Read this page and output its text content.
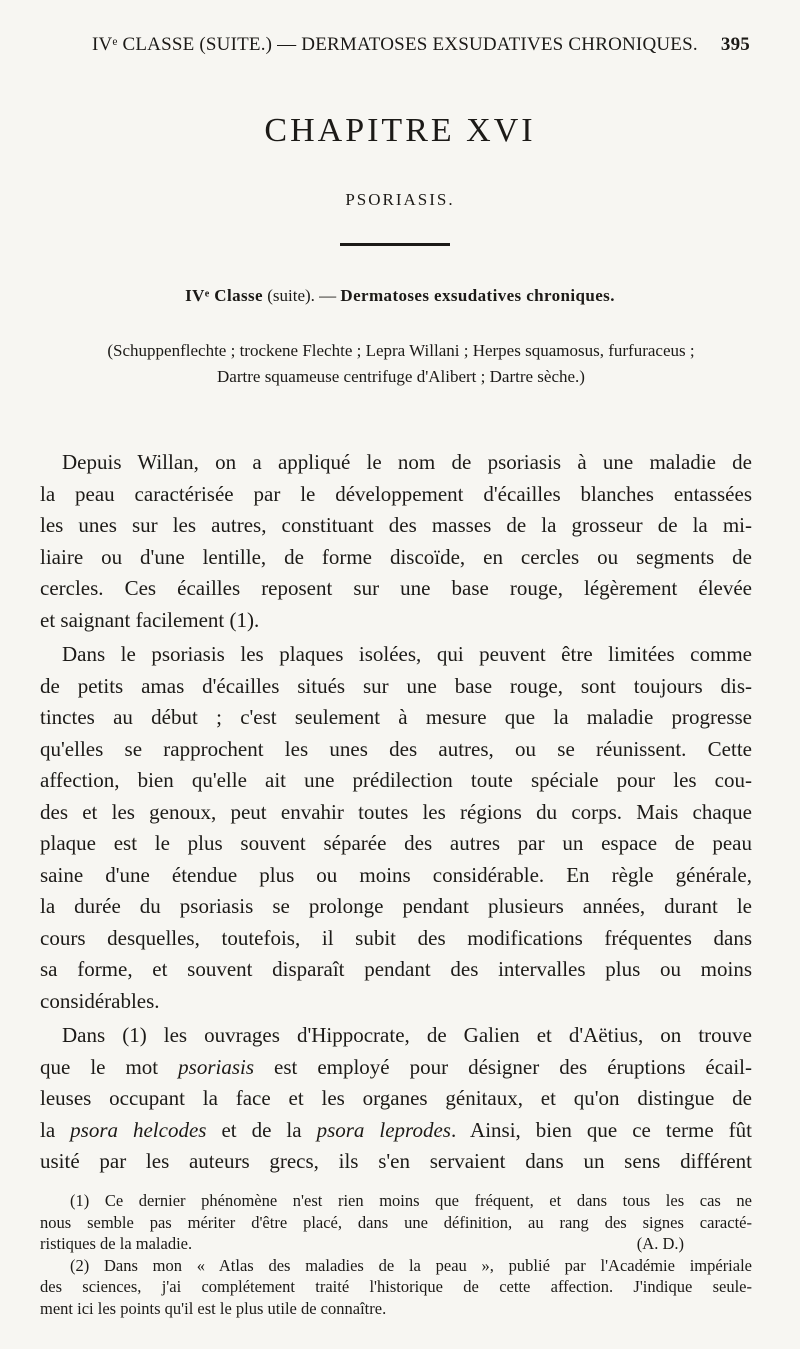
IVᵉ CLASSE (SUITE.) — DERMATOSES EXSUDATIVES CHRONIQUES. 395
CHAPITRE XVI
PSORIASIS.
IVᵉ Classe (suite). — Dermatoses exsudatives chroniques.
(Schuppenflechte ; trockene Flechte ; Lepra Willani ; Herpes squamosus, furfuraceus ;
Dartre squameuse centrifuge d'Alibert ; Dartre sèche.)
Depuis Willan, on a appliqué le nom de psoriasis à une maladie de
la peau caractérisée par le développement d'écailles blanches entassées
les unes sur les autres, constituant des masses de la grosseur de la mi-
liaire ou d'une lentille, de forme discoïde, en cercles ou segments de
cercles. Ces écailles reposent sur une base rouge, légèrement élevée
et saignant facilement (1).
Dans le psoriasis les plaques isolées, qui peuvent être limitées comme
de petits amas d'écailles situés sur une base rouge, sont toujours dis-
tinctes au début ; c'est seulement à mesure que la maladie progresse
qu'elles se rapprochent les unes des autres, ou se réunissent. Cette
affection, bien qu'elle ait une prédilection toute spéciale pour les cou-
des et les genoux, peut envahir toutes les régions du corps. Mais chaque
plaque est le plus souvent séparée des autres par un espace de peau
saine d'une étendue plus ou moins considérable. En règle générale,
la durée du psoriasis se prolonge pendant plusieurs années, durant le
cours desquelles, toutefois, il subit des modifications fréquentes dans
sa forme, et souvent disparaît pendant des intervalles plus ou moins
considérables.
Dans (1) les ouvrages d'Hippocrate, de Galien et d'Aëtius, on trouve
que le mot psoriasis est employé pour désigner des éruptions écail-
leuses occupant la face et les organes génitaux, et qu'on distingue de
la psora helcodes et de la psora leprodes. Ainsi, bien que ce terme fût
usité par les auteurs grecs, ils s'en servaient dans un sens différent
(1) Ce dernier phénomène n'est rien moins que fréquent, et dans tous les cas ne
nous semble pas mériter d'être placé, dans une définition, au rang des signes caracté-
ristiques de la maladie.	(A. D.)
(2) Dans mon « Atlas des maladies de la peau », publié par l'Académie impériale
des sciences, j'ai complétement traité l'historique de cette affection. J'indique seule-
ment ici les points qu'il est le plus utile de connaître.
